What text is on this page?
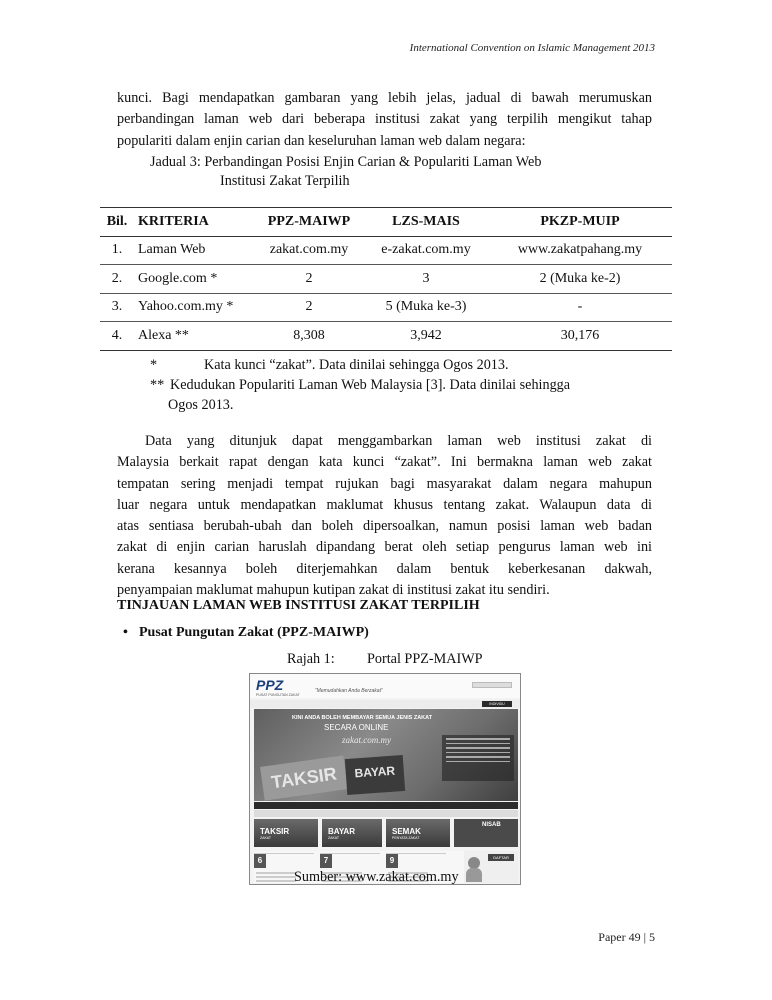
International Convention on Islamic Management 2013
kunci. Bagi mendapatkan gambaran yang lebih jelas, jadual di bawah merumuskan
perbandingan laman web dari beberapa institusi zakat yang terpilih mengikut tahap
populariti dalam enjin carian dan keseluruhan laman web dalam negara:
Jadual 3: Perbandingan Posisi Enjin Carian & Populariti Laman Web
Institusi Zakat Terpilih
Bil.	KRITERIA	PPZ-MAIWP	LZS-MAIS	PKZP-MUIP
1.	Laman Web	zakat.com.my	e-zakat.com.my	www.zakatpahang.my
2.	Google.com *	2	3	2 (Muka ke-2)
3.	Yahoo.com.my *	2	5 (Muka ke-3)	-
4.	Alexa **	8,308	3,942	30,176
*	Kata kunci “zakat”. Data dinilai sehingga Ogos 2013.
** Kedudukan Populariti Laman Web Malaysia [3]. Data dinilai sehingga
Ogos 2013.
Data yang ditunjuk dapat menggambarkan laman web institusi zakat di
Malaysia berkait rapat dengan kata kunci “zakat”. Ini bermakna laman web zakat
tempatan sering menjadi tempat rujukan bagi masyarakat dalam negara mahupun
luar negara untuk mendapatkan maklumat khusus tentang zakat. Walaupun data di
atas sentiasa berubah-ubah dan boleh dipersoalkan, namun posisi laman web badan
zakat di enjin carian haruslah dipandang berat oleh setiap pengurus laman web ini
kerana kesannya boleh diterjemahkan dalam bentuk keberkesanan dakwah,
penyampaian maklumat mahupun kutipan zakat di institusi zakat itu sendiri.
TINJAUAN LAMAN WEB INSTITUSI ZAKAT TERPILIH
• Pusat Pungutan Zakat (PPZ-MAIWP)
Rajah 1: Portal PPZ-MAIWP
PPZ
PUSAT PUNGUTAN ZAKAT
“Memudahkan Anda Berzakat”
INDIVIDU
KINI ANDA BOLEH MEMBAYAR SEMUA JENIS ZAKAT
SECARA ONLINE
zakat.com.my
TAKSIR	BAYAR
TAKSIR
ZAKAT
BAYAR
ZAKAT
SEMAK
PENYATA ZAKAT
NISAB
6	7	9	DAFTAR
Sumber: www.zakat.com.my
Paper 49 | 5
